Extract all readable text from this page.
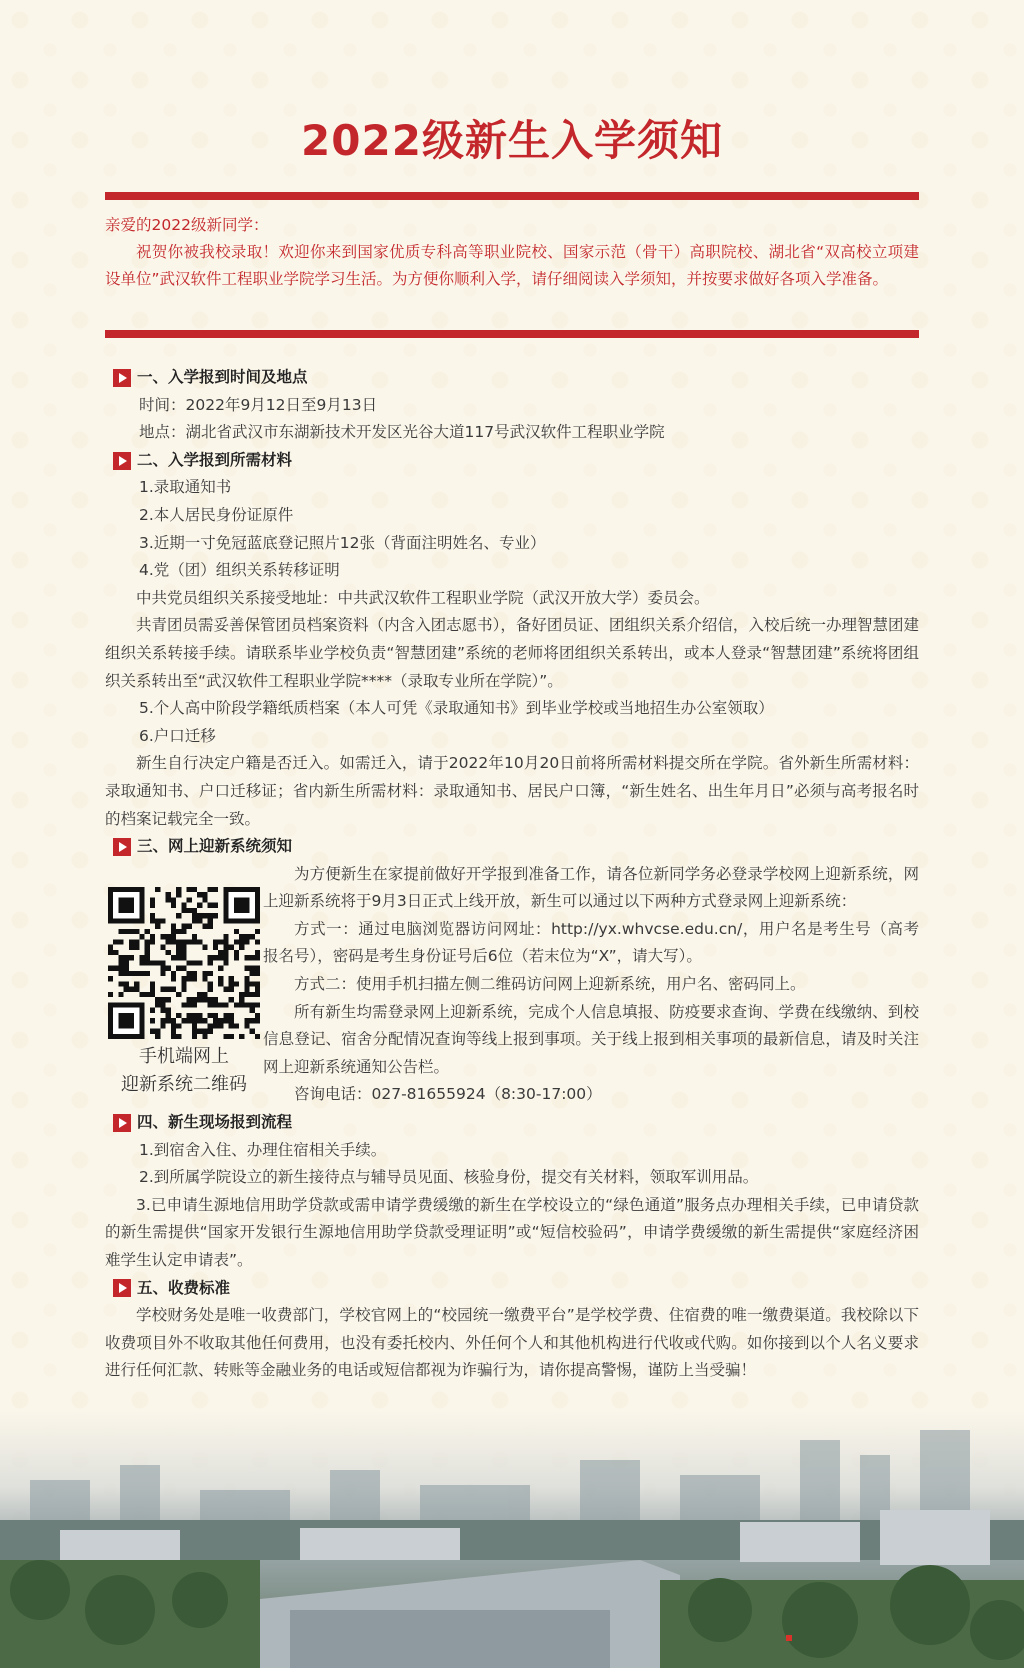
2022级新生入学须知

亲爱的2022级新同学：

祝贺你被我校录取！欢迎你来到国家优质专科高等职业院校、国家示范（骨干）高职院校、湖北省“双高校立项建设单位”武汉软件工程职业学院学习生活。为方便你顺利入学，请仔细阅读入学须知，并按要求做好各项入学准备。

一、入学报到时间及地点

时间：2022年9月12日至9月13日

地点：湖北省武汉市东湖新技术开发区光谷大道117号武汉软件工程职业学院

二、入学报到所需材料

1.录取通知书

2.本人居民身份证原件

3.近期一寸免冠蓝底登记照片12张（背面注明姓名、专业）

4.党（团）组织关系转移证明

中共党员组织关系接受地址：中共武汉软件工程职业学院（武汉开放大学）委员会。

共青团员需妥善保管团员档案资料（内含入团志愿书），备好团员证、团组织关系介绍信，入校后统一办理智慧团建组织关系转接手续。请联系毕业学校负责“智慧团建”系统的老师将团组织关系转出，或本人登录“智慧团建”系统将团组织关系转出至“武汉软件工程职业学院****（录取专业所在学院）”。

5.个人高中阶段学籍纸质档案（本人可凭《录取通知书》到毕业学校或当地招生办公室领取）

6.户口迁移

新生自行决定户籍是否迁入。如需迁入，请于2022年10月20日前将所需材料提交所在学院。省外新生所需材料：录取通知书、户口迁移证；省内新生所需材料：录取通知书、居民户口簿，“新生姓名、出生年月日”必须与高考报名时的档案记载完全一致。

三、网上迎新系统须知

手机端网上
迎新系统二维码

为方便新生在家提前做好开学报到准备工作，请各位新同学务必登录学校网上迎新系统，网上迎新系统将于9月3日正式上线开放，新生可以通过以下两种方式登录网上迎新系统：

方式一：通过电脑浏览器访问网址：http://yx.whvcse.edu.cn/，用户名是考生号（高考报名号），密码是考生身份证号后6位（若末位为“X”，请大写）。

方式二：使用手机扫描左侧二维码访问网上迎新系统，用户名、密码同上。

所有新生均需登录网上迎新系统，完成个人信息填报、防疫要求查询、学费在线缴纳、到校信息登记、宿舍分配情况查询等线上报到事项。关于线上报到相关事项的最新信息，请及时关注网上迎新系统通知公告栏。

咨询电话：027-81655924（8:30-17:00）

四、新生现场报到流程

1.到宿舍入住、办理住宿相关手续。

2.到所属学院设立的新生接待点与辅导员见面、核验身份，提交有关材料，领取军训用品。

3.已申请生源地信用助学贷款或需申请学费缓缴的新生在学校设立的“绿色通道”服务点办理相关手续，已申请贷款的新生需提供“国家开发银行生源地信用助学贷款受理证明”或“短信校验码”，申请学费缓缴的新生需提供“家庭经济困难学生认定申请表”。

五、收费标准

学校财务处是唯一收费部门，学校官网上的“校园统一缴费平台”是学校学费、住宿费的唯一缴费渠道。我校除以下收费项目外不收取其他任何费用，也没有委托校内、外任何个人和其他机构进行代收或代购。如你接到以个人名义要求进行任何汇款、转账等金融业务的电话或短信都视为诈骗行为，请你提高警惕，谨防上当受骗！
